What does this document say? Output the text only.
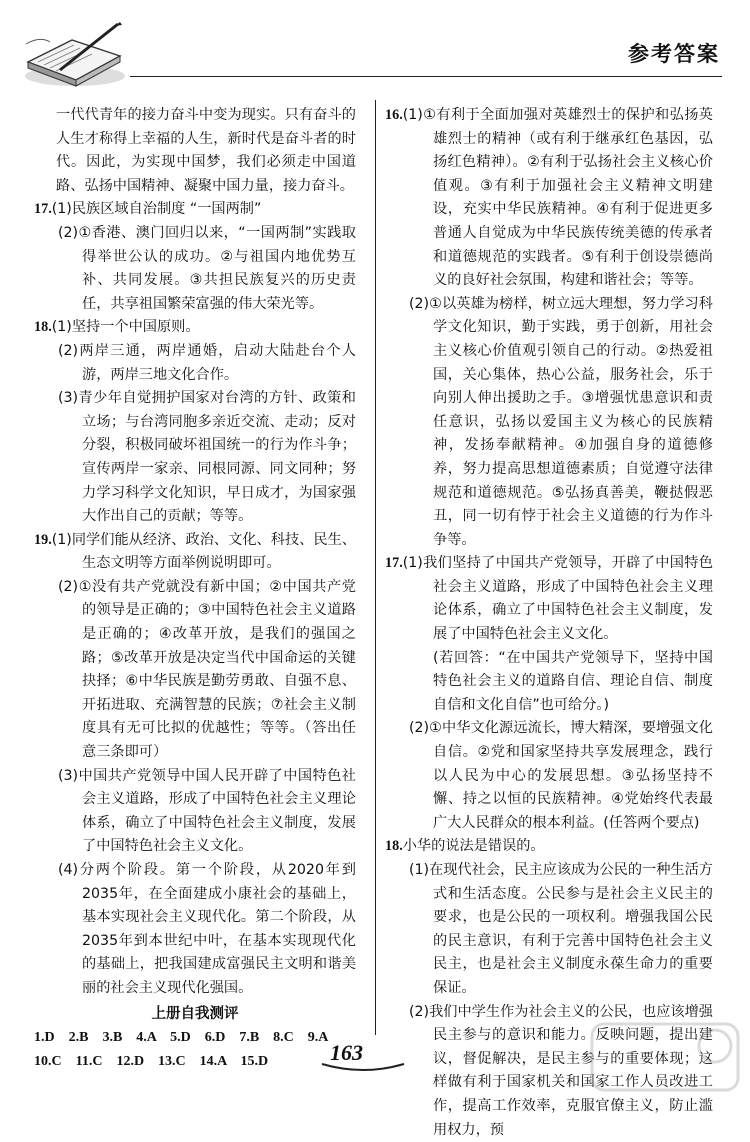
参考答案

一代代青年的接力奋斗中变为现实。只有奋斗的人生才称得上幸福的人生，新时代是奋斗者的时代。因此，为实现中国梦，我们必须走中国道路、弘扬中国精神、凝聚中国力量，接力奋斗。

17.(1)民族区域自治制度 “一国两制”

(2)①香港、澳门回归以来，“一国两制”实践取得举世公认的成功。②与祖国内地优势互补、共同发展。③共担民族复兴的历史责任，共享祖国繁荣富强的伟大荣光等。

18.(1)坚持一个中国原则。

(2)两岸三通，两岸通婚，启动大陆赴台个人游，两岸三地文化合作。

(3)青少年自觉拥护国家对台湾的方针、政策和立场；与台湾同胞多亲近交流、走动；反对分裂，积极同破坏祖国统一的行为作斗争；宣传两岸一家亲、同根同源、同文同种；努力学习科学文化知识，早日成才，为国家强大作出自己的贡献；等等。

19.(1)同学们能从经济、政治、文化、科技、民生、生态文明等方面举例说明即可。

(2)①没有共产党就没有新中国；②中国共产党的领导是正确的；③中国特色社会主义道路是正确的；④改革开放，是我们的强国之路；⑤改革开放是决定当代中国命运的关键抉择；⑥中华民族是勤劳勇敢、自强不息、开拓进取、充满智慧的民族；⑦社会主义制度具有无可比拟的优越性；等等。（答出任意三条即可）

(3)中国共产党领导中国人民开辟了中国特色社会主义道路，形成了中国特色社会主义理论体系，确立了中国特色社会主义制度，发展了中国特色社会主义文化。

(4)分两个阶段。第一个阶段，从2020年到2035年，在全面建成小康社会的基础上，基本实现社会主义现代化。第二个阶段，从2035年到本世纪中叶，在基本实现现代化的基础上，把我国建成富强民主文明和谐美丽的社会主义现代化强国。

上册自我测评

1.D　2.B　3.B　4.A　5.D　6.D　7.B　8.C　9.A

10.C　11.C　12.D　13.C　14.A　15.D

16.(1)①有利于全面加强对英雄烈士的保护和弘扬英雄烈士的精神（或有利于继承红色基因，弘扬红色精神）。②有利于弘扬社会主义核心价值观。③有利于加强社会主义精神文明建设，充实中华民族精神。④有利于促进更多普通人自觉成为中华民族传统美德的传承者和道德规范的实践者。⑤有利于创设崇德尚义的良好社会氛围，构建和谐社会；等等。

(2)①以英雄为榜样，树立远大理想，努力学习科学文化知识，勤于实践，勇于创新，用社会主义核心价值观引领自己的行动。②热爱祖国，关心集体，热心公益，服务社会，乐于向别人伸出援助之手。③增强忧患意识和责任意识，弘扬以爱国主义为核心的民族精神，发扬奉献精神。④加强自身的道德修养，努力提高思想道德素质；自觉遵守法律规范和道德规范。⑤弘扬真善美，鞭挞假恶丑，同一切有悖于社会主义道德的行为作斗争等。

17.(1)我们坚持了中国共产党领导，开辟了中国特色社会主义道路，形成了中国特色社会主义理论体系，确立了中国特色社会主义制度，发展了中国特色社会主义文化。

(若回答：“在中国共产党领导下，坚持中国特色社会主义的道路自信、理论自信、制度自信和文化自信”也可给分。)

(2)①中华文化源远流长，博大精深，要增强文化自信。②党和国家坚持共享发展理念，践行以人民为中心的发展思想。③弘扬坚持不懈、持之以恒的民族精神。④党始终代表最广大人民群众的根本利益。(任答两个要点)

18.小华的说法是错误的。

(1)在现代社会，民主应该成为公民的一种生活方式和生活态度。公民参与是社会主义民主的要求，也是公民的一项权利。增强我国公民的民主意识，有利于完善中国特色社会主义民主，也是社会主义制度永葆生命力的重要保证。

(2)我们中学生作为社会主义的公民，也应该增强民主参与的意识和能力。反映问题，提出建议，督促解决，是民主参与的重要体现；这样做有利于国家机关和国家工作人员改进工作，提高工作效率，克服官僚主义，防止滥用权力，预

163
